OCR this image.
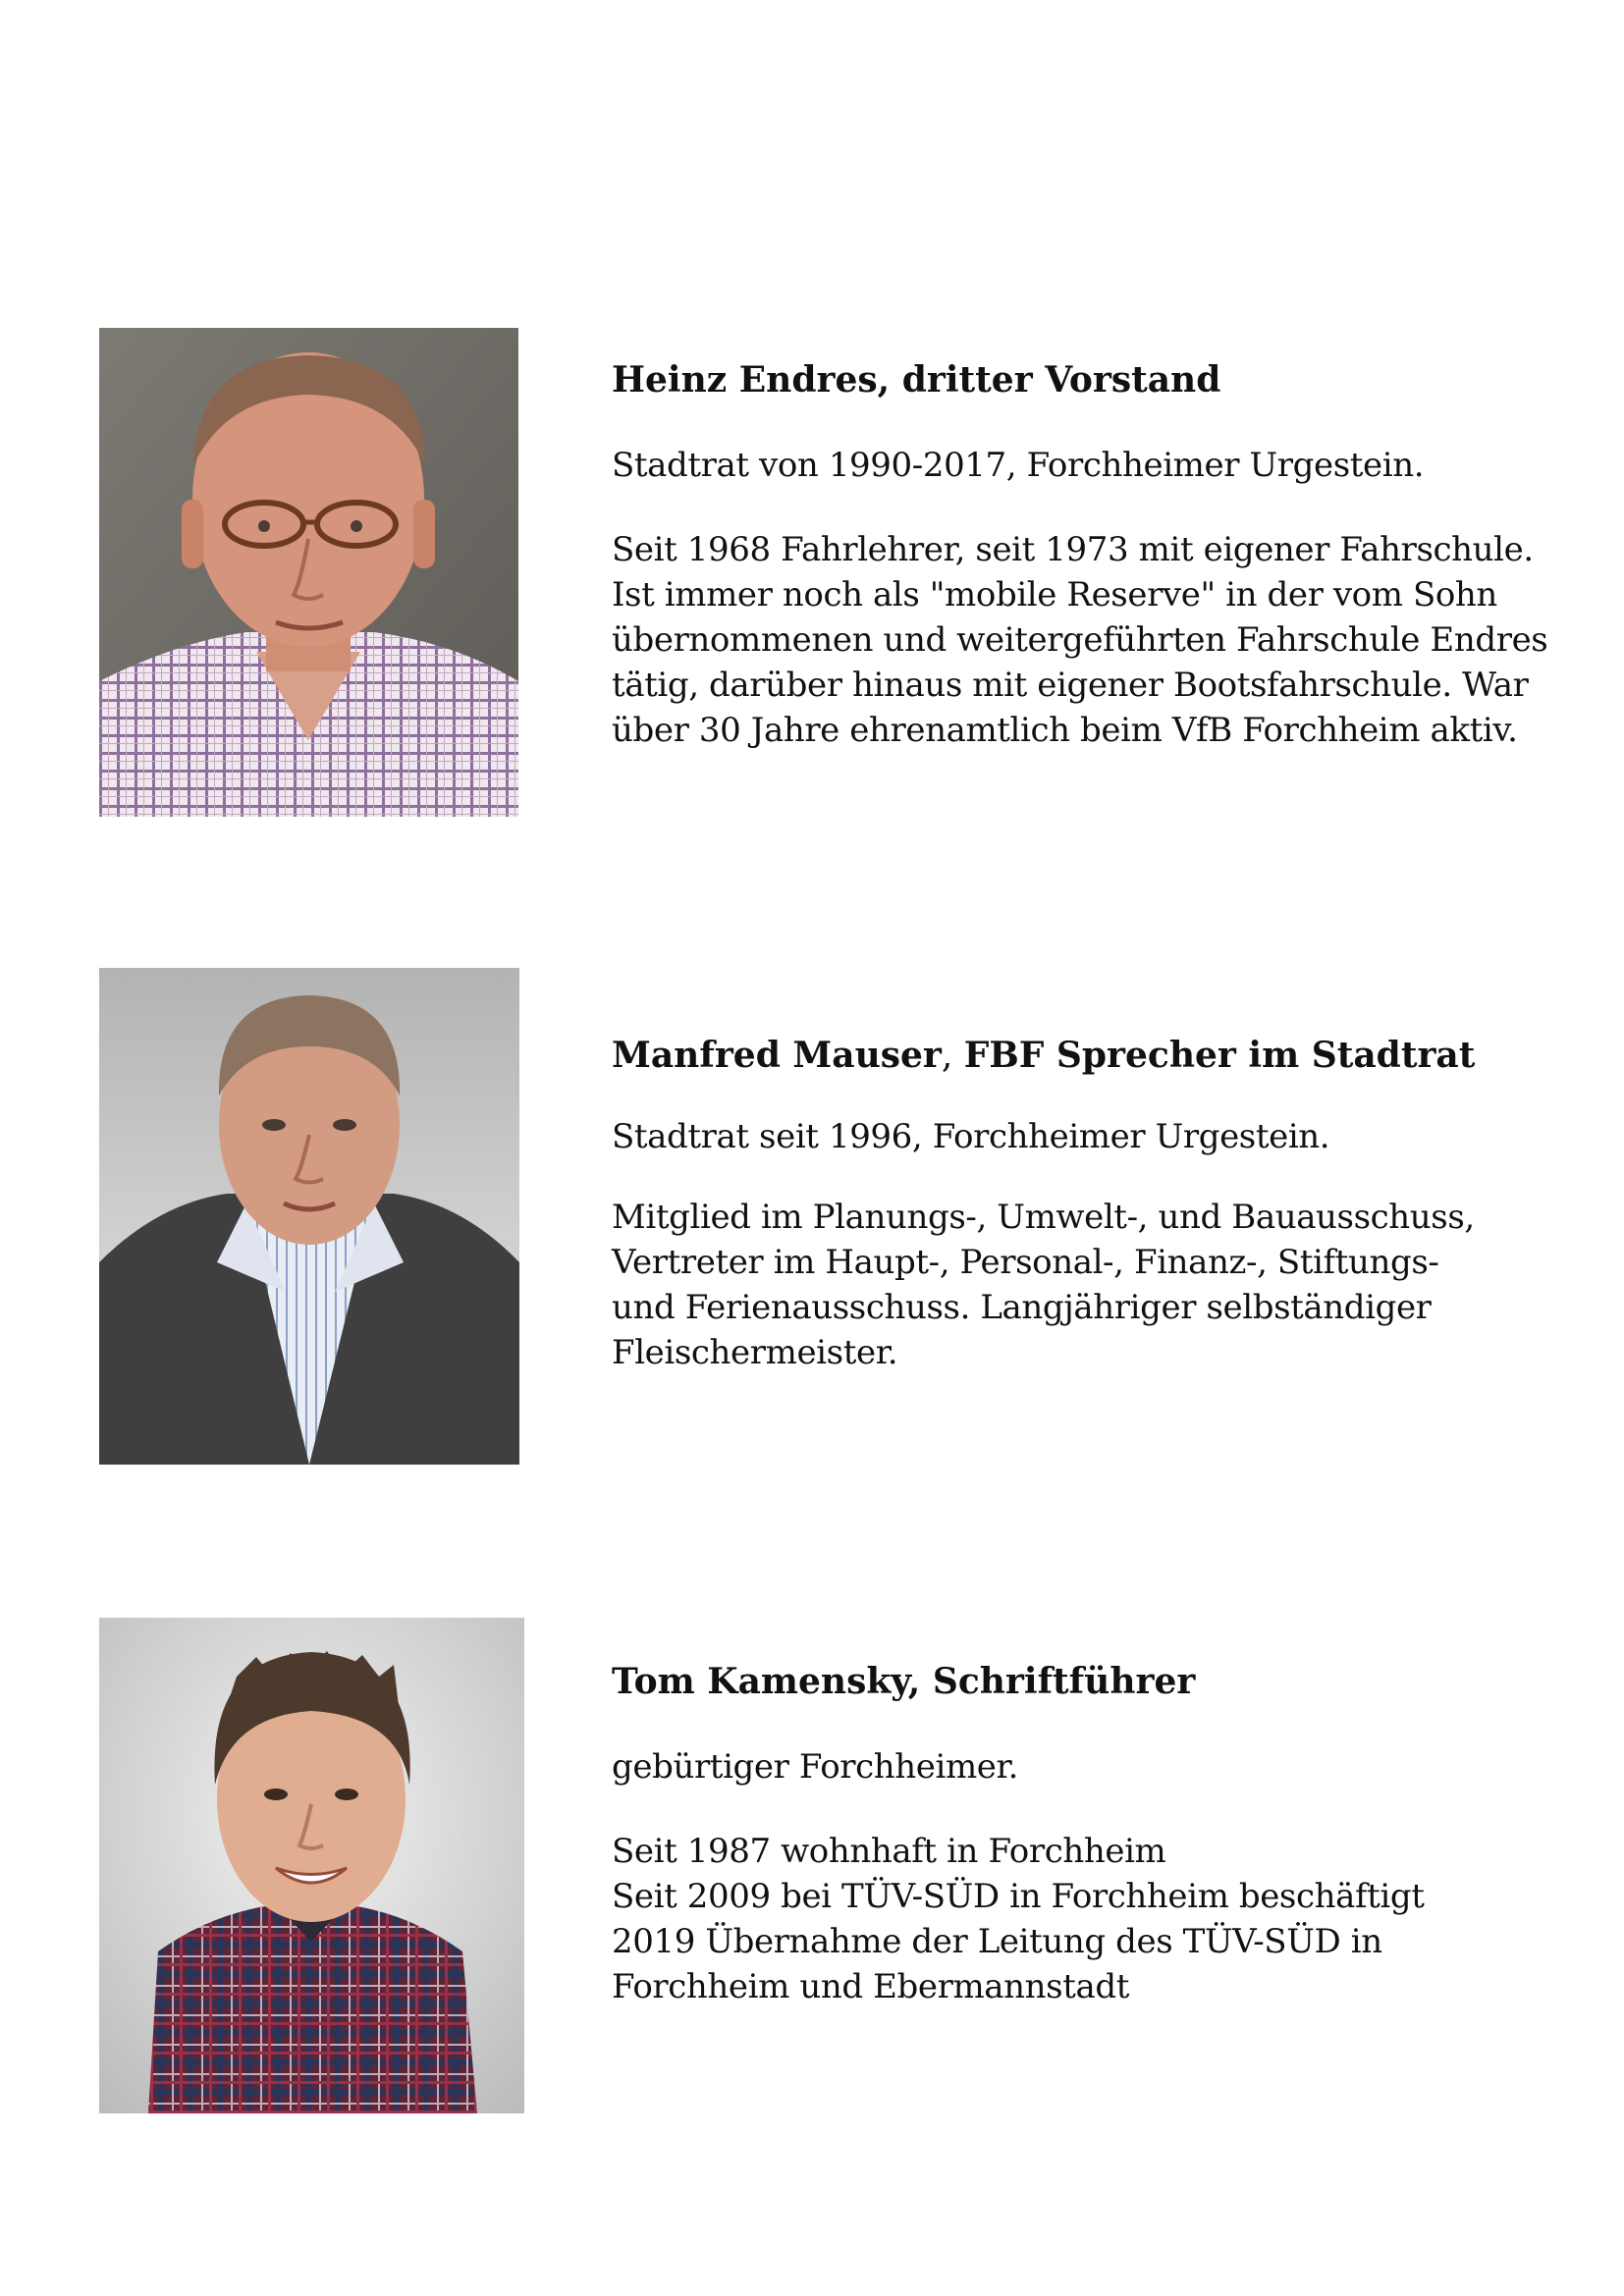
Heinz Endres, dritter Vorstand

Stadtrat von 1990-2017, Forchheimer Urgestein.

Seit 1968 Fahrlehrer, seit 1973 mit eigener Fahrschule.
Ist immer noch als "mobile Reserve" in der vom Sohn
übernommenen und weitergeführten Fahrschule Endres
tätig, darüber hinaus mit eigener Bootsfahrschule. War
über 30 Jahre ehrenamtlich beim VfB Forchheim aktiv.

Manfred Mauser, FBF Sprecher im Stadtrat

Stadtrat seit 1996, Forchheimer Urgestein.

Mitglied im Planungs-, Umwelt-, und Bauausschuss,
Vertreter im Haupt-, Personal-, Finanz-, Stiftungs-
und Ferienausschuss. Langjähriger selbständiger
Fleischermeister.

Tom Kamensky, Schriftführer

gebürtiger Forchheimer.

Seit 1987 wohnhaft in Forchheim
Seit 2009 bei TÜV-SÜD in Forchheim beschäftigt
2019 Übernahme der Leitung des TÜV-SÜD in
Forchheim und Ebermannstadt
